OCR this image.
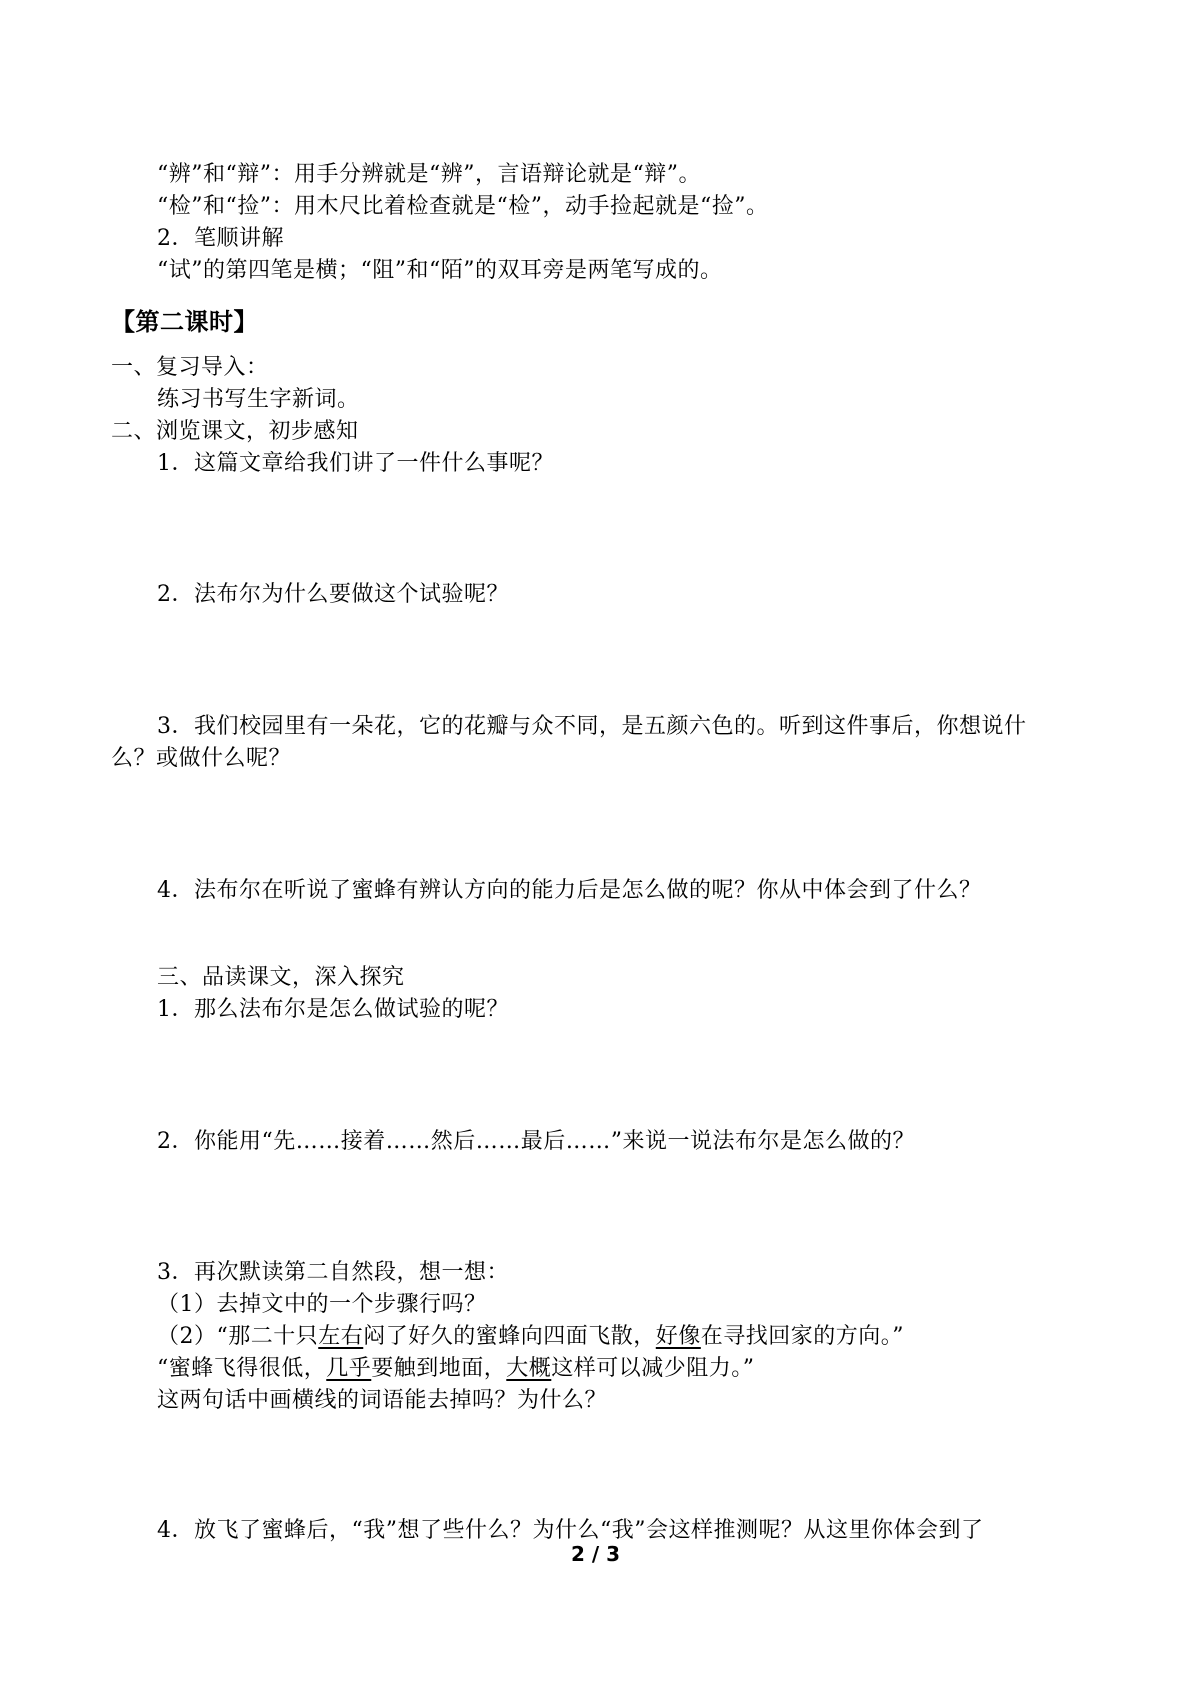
“辨”和“辩”：用手分辨就是“辨”，言语辩论就是“辩”。
“检”和“捡”：用木尺比着检查就是“检”，动手捡起就是“捡”。
2．笔顺讲解
“试”的第四笔是横；“阻”和“陌”的双耳旁是两笔写成的。
【第二课时】
一、复习导入：
练习书写生字新词。
二、浏览课文，初步感知
1．这篇文章给我们讲了一件什么事呢？
2．法布尔为什么要做这个试验呢？
3．我们校园里有一朵花，它的花瓣与众不同，是五颜六色的。听到这件事后，你想说什
么？或做什么呢？
4．法布尔在听说了蜜蜂有辨认方向的能力后是怎么做的呢？你从中体会到了什么？
三、品读课文，深入探究
1．那么法布尔是怎么做试验的呢？
2．你能用“先……接着……然后……最后……”来说一说法布尔是怎么做的？
3．再次默读第二自然段，想一想：
（1）去掉文中的一个步骤行吗？
（2）“那二十只左右闷了好久的蜜蜂向四面飞散，好像在寻找回家的方向。”
“蜜蜂飞得很低，几乎要触到地面，大概这样可以减少阻力。”
这两句话中画横线的词语能去掉吗？为什么？
4．放飞了蜜蜂后，“我”想了些什么？为什么“我”会这样推测呢？从这里你体会到了
2 / 3
